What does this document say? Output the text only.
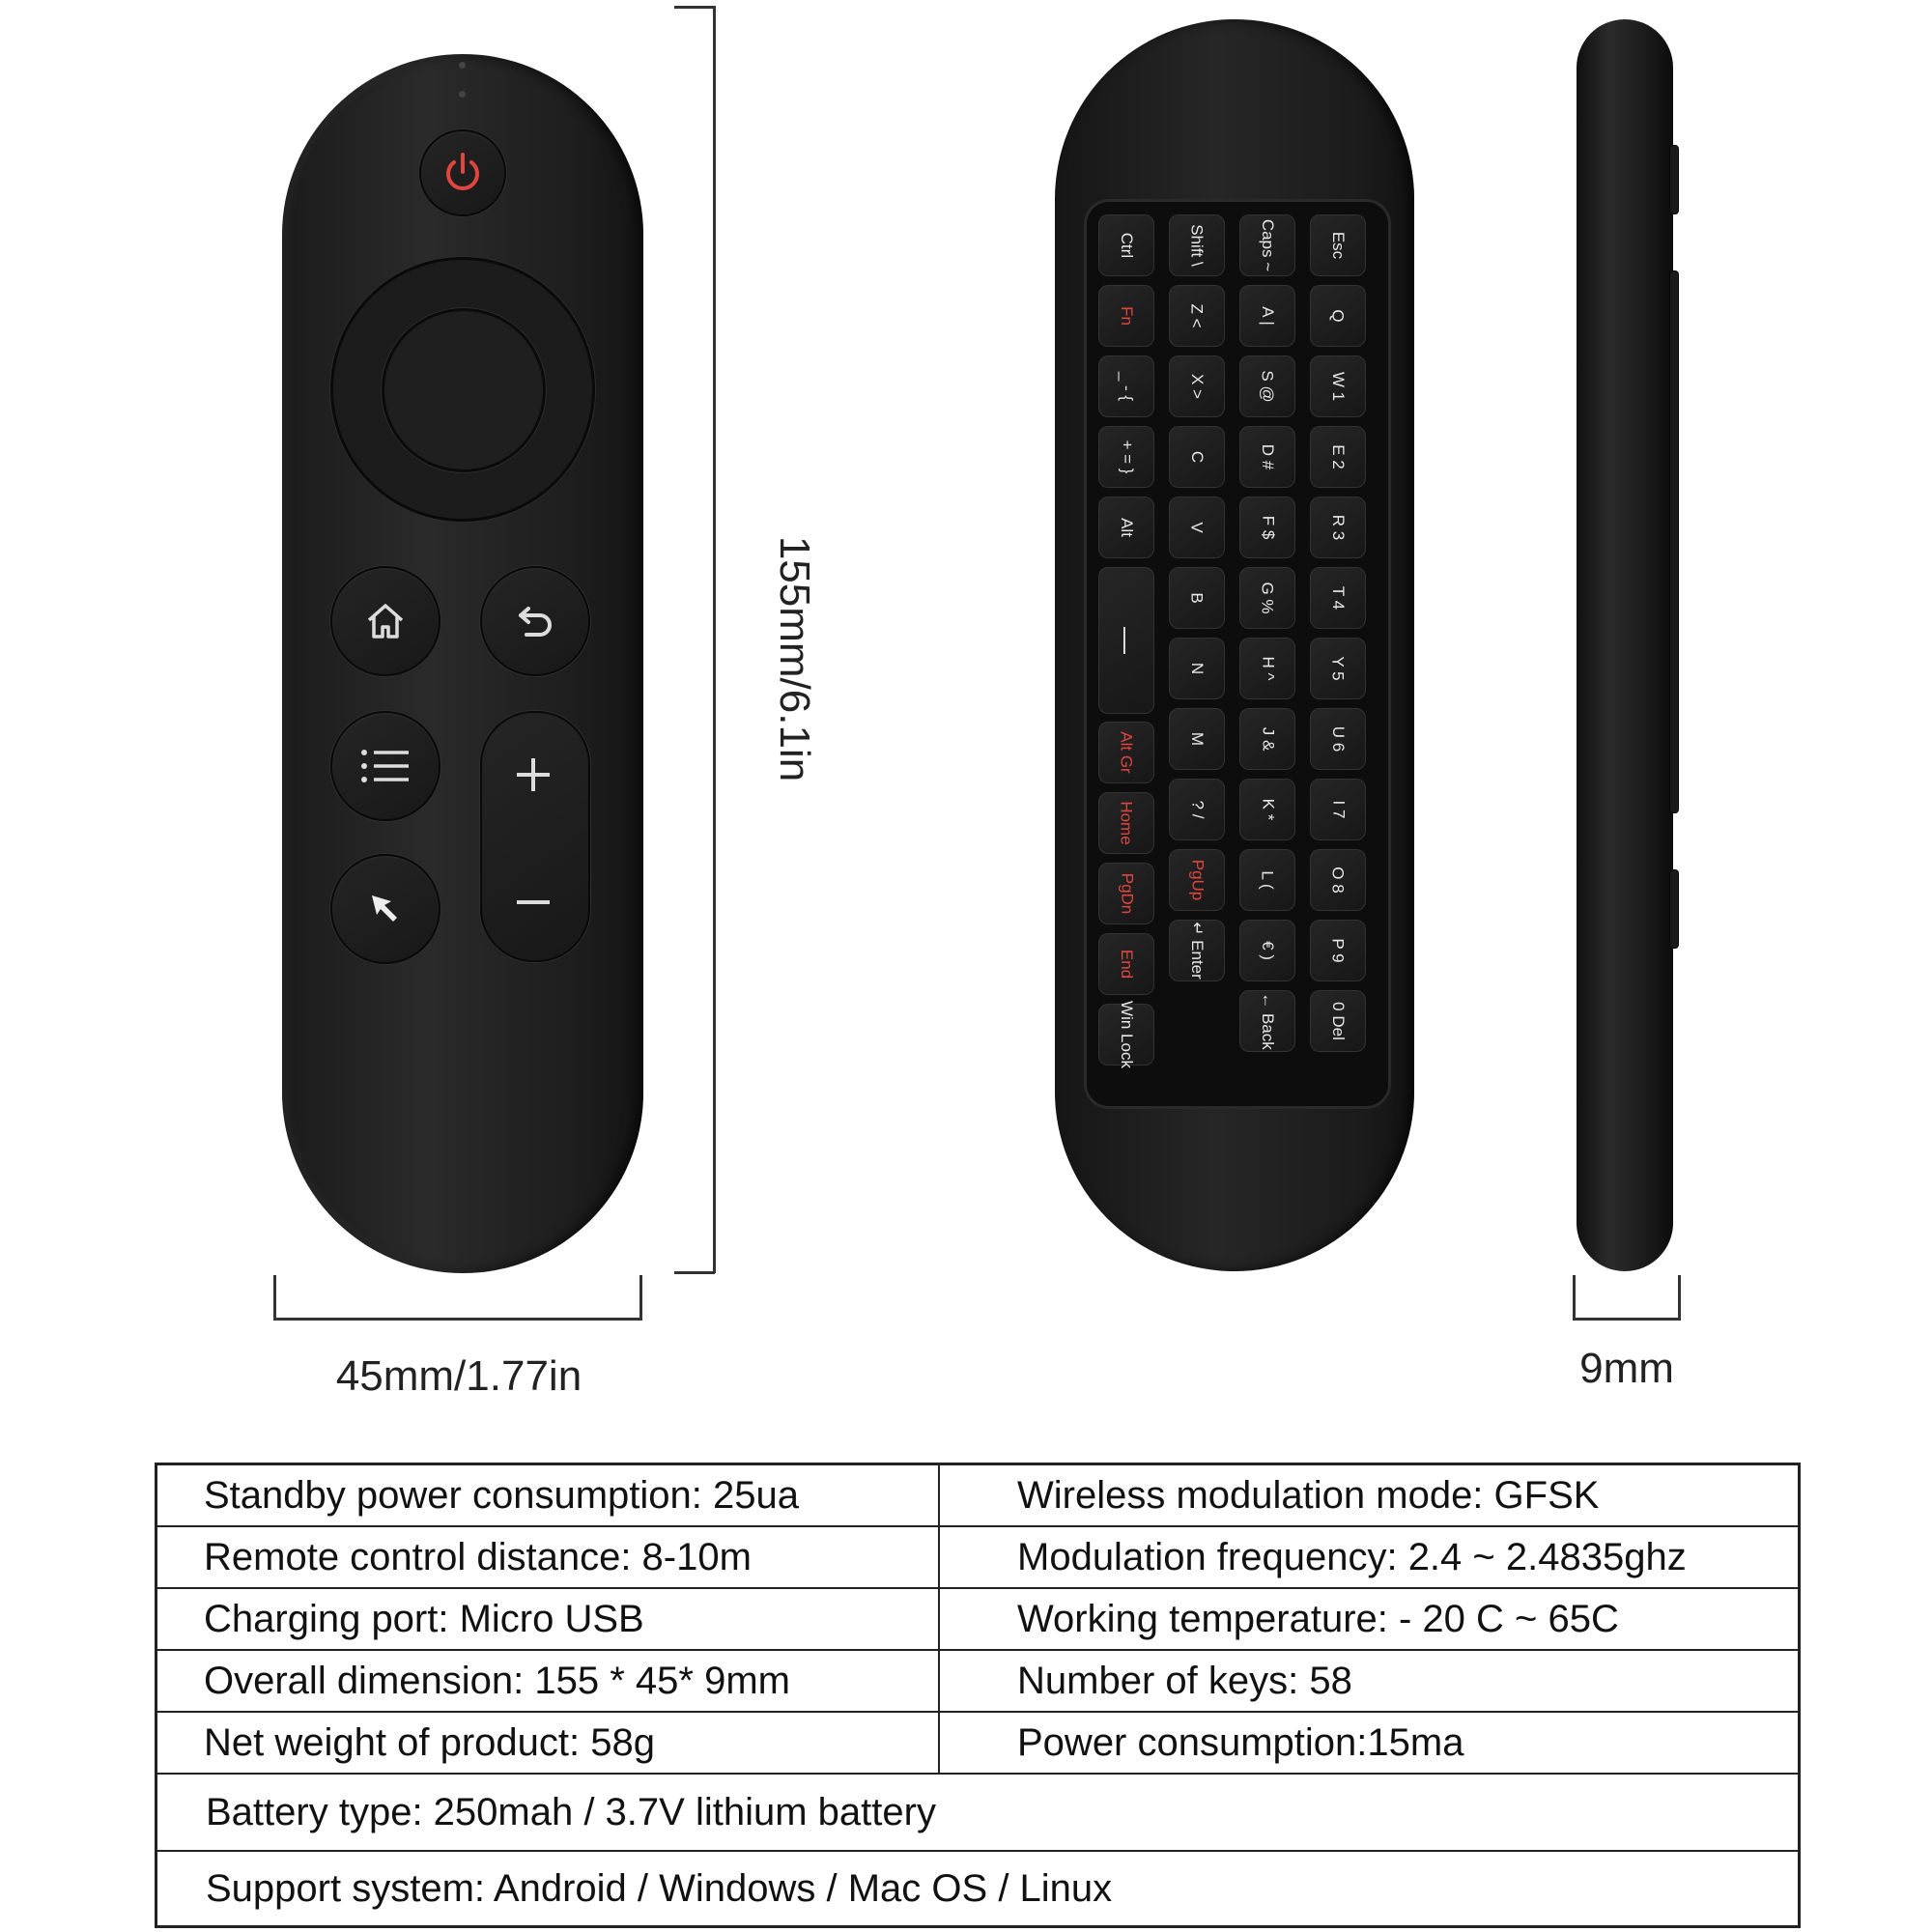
155mm/6.1in
45mm/1.77in
Ctrl
Fn
_ - {
+ = }
Alt
—
Alt Gr
Home
PgDn
End
Win Lock
Shift \
Z <
X >
C
V
B
N
M
? /
PgUp
↵ Enter
Caps ~
A |
S @
D #
F $
G %
H ^
J &
K *
L (
€ )
← Back
Esc
Q
W 1
E 2
R 3
T 4
Y 5
U 6
I 7
O 8
P 9
0 Del
9mm
Standby power consumption: 25ua	Wireless modulation mode: GFSK
Remote control distance: 8-10m	Modulation frequency: 2.4 ~ 2.4835ghz
Charging port: Micro USB	Working temperature: - 20 C ~ 65C
Overall dimension: 155 * 45* 9mm	Number of keys: 58
Net weight of product: 58g	Power consumption:15ma
Battery type: 250mah / 3.7V lithium battery
Support system: Android / Windows / Mac OS / Linux
